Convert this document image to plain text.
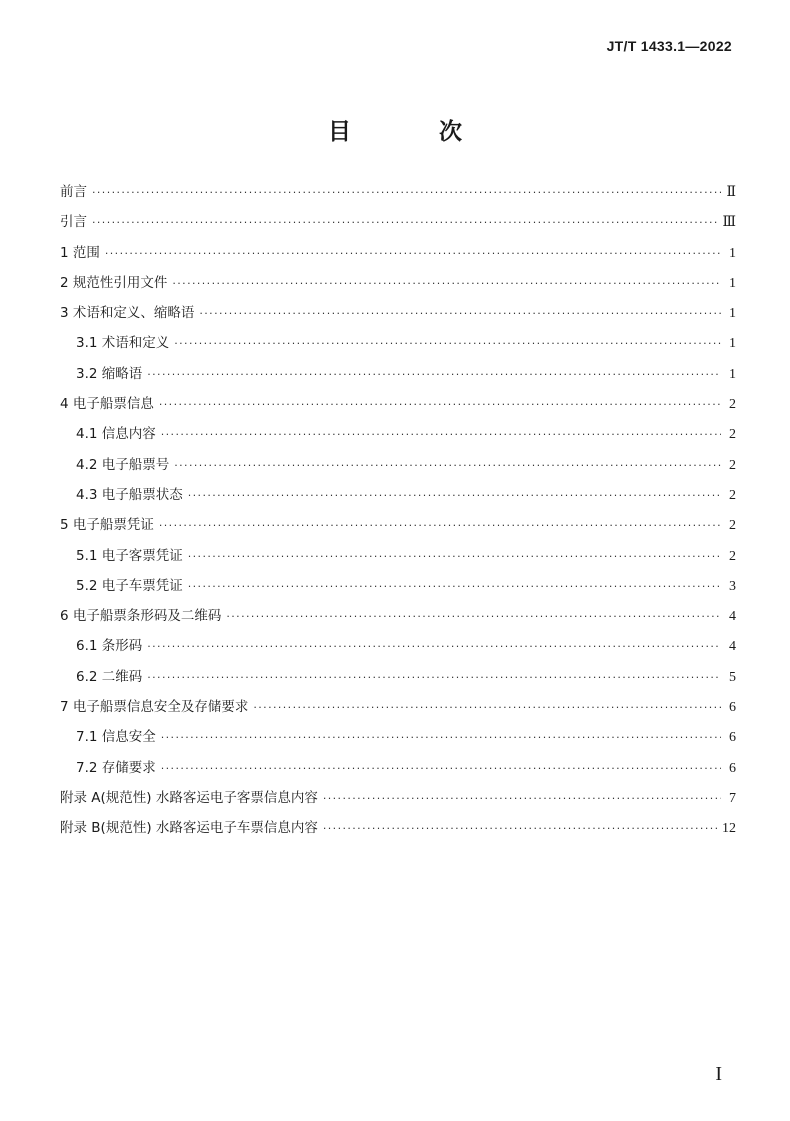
JT/T 1433.1—2022
目 次
前言 ·····	Ⅱ
引言 ·····	Ⅲ
1 范围 ·····	1
2 规范性引用文件 ·····	1
3 术语和定义、缩略语 ·····	1
3.1 术语和定义 ·····	1
3.2 缩略语 ·····	1
4 电子船票信息 ·····	2
4.1 信息内容 ·····	2
4.2 电子船票号 ·····	2
4.3 电子船票状态 ·····	2
5 电子船票凭证 ·····	2
5.1 电子客票凭证 ·····	2
5.2 电子车票凭证 ·····	3
6 电子船票条形码及二维码 ·····	4
6.1 条形码 ·····	4
6.2 二维码 ·····	5
7 电子船票信息安全及存储要求 ·····	6
7.1 信息安全 ·····	6
7.2 存储要求 ·····	6
附录 A(规范性) 水路客运电子客票信息内容 ·····	7
附录 B(规范性) 水路客运电子车票信息内容 ·····	12
I
